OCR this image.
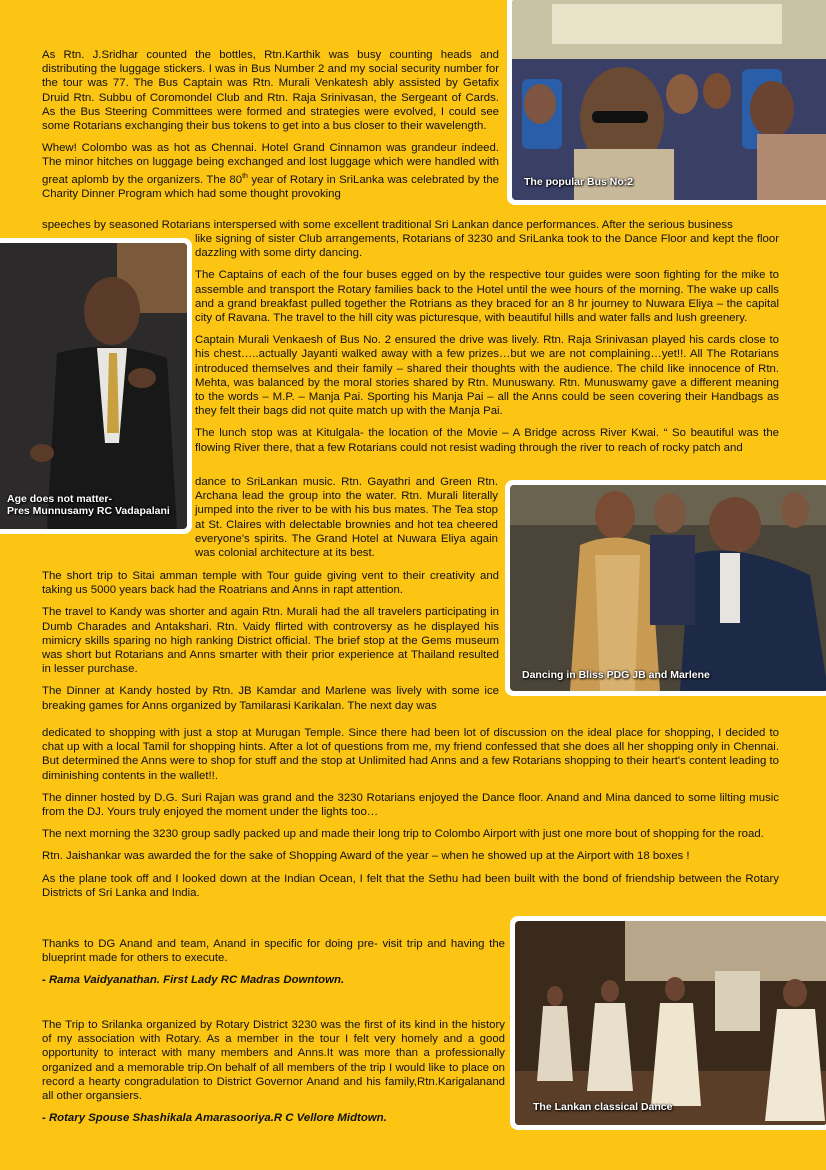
The popular Bus No:2
Age does not matter-
Pres Munnusamy RC Vadapalani
Dancing in Bliss PDG JB and Marlene
The Lankan classical Dance

As Rtn. J.Sridhar counted the bottles, Rtn.Karthik was busy counting heads and distributing the luggage stickers. I was in Bus Number 2 and my social security number for the tour was 77. The Bus Captain was Rtn. Murali Venkatesh ably assisted by Getafix Druid Rtn. Subbu of Coromondel Club and Rtn. Raja Srinivasan, the Sergeant of Cards. As the Bus Steering Committees were formed and strategies were evolved, I could see some Rotarians exchanging their bus tokens to get into a bus closer to their wavelength.

Whew! Colombo was as hot as Chennai. Hotel Grand Cinnamon was grandeur indeed. The minor hitches on luggage being exchanged and lost luggage which were handled with great aplomb by the organizers. The 80th year of Rotary in SriLanka was celebrated by the Charity Dinner Program which had some thought provoking

speeches by seasoned Rotarians interspersed with some excellent traditional Sri Lankan dance performances. After the serious business

like signing of sister Club arrangements, Rotarians of 3230 and SriLanka took to the Dance Floor and kept the floor dazzling with some dirty dancing.

The Captains of each of the four buses egged on by the respective tour guides were soon fighting for the mike to assemble and transport the Rotary families back to the Hotel until the wee hours of the morning. The wake up calls and a grand breakfast pulled together the Rotrians as they braced for an 8 hr journey to Nuwara Eliya – the capital city of Ravana. The travel to the hill city was picturesque, with beautiful hills and water falls and lush greenery.

Captain Murali Venkaesh of Bus No. 2 ensured the drive was lively. Rtn. Raja Srinivasan played his cards close to his chest…..actually Jayanti walked away with a few prizes…but we are not complaining…yet!!. All The Rotarians introduced themselves and their family – shared their thoughts with the audience. The child like innocence of Rtn. Mehta, was balanced by the moral stories shared by Rtn. Munuswany. Rtn. Munuswamy gave a different meaning to the words – M.P. – Manja Pai. Sporting his Manja Pai – all the Anns could be seen covering their Handbags as they felt their bags did not quite match up with the Manja Pai.

The lunch stop was at Kitulgala- the location of the Movie – A Bridge across River Kwai. “ So beautiful was the flowing River there, that a few Rotarians could not resist wading through the river to reach of rocky patch and

dance to SriLankan music. Rtn. Gayathri and Green Rtn. Archana lead the group into the water. Rtn. Murali literally jumped into the river to be with his bus mates. The Tea stop at St. Claires with delectable brownies and hot tea cheered everyone's spirits. The Grand Hotel at Nuwara Eliya again was colonial architecture at its best.

The short trip to Sitai amman temple with Tour guide giving vent to their creativity and taking us 5000 years back had the Roatrians and Anns in rapt attention.

The travel to Kandy was shorter and again Rtn. Murali had the all travelers participating in Dumb Charades and Antakshari. Rtn. Vaidy flirted with controversy as he displayed his mimicry skills sparing no high ranking District official. The brief stop at the Gems museum was short but Rotarians and Anns smarter with their prior experience at Thailand resulted in lesser purchase.

The Dinner at Kandy hosted by Rtn. JB Kamdar and Marlene was lively with some ice breaking games for Anns organized by Tamilarasi Karikalan. The next day was

dedicated to shopping with just a stop at Murugan Temple. Since there had been lot of discussion on the ideal place for shopping, I decided to chat up with a local Tamil for shopping hints. After a lot of questions from me, my friend confessed that she does all her shopping only in Chennai. But determined the Anns were to shop for stuff and the stop at Unlimited had Anns and a few Rotarians shopping to their heart's content leading to diminishing contents in the wallet!!.

The dinner hosted by D.G. Suri Rajan was grand and the 3230 Rotarians enjoyed the Dance floor. Anand and Mina danced to some lilting music from the DJ. Yours truly enjoyed the moment under the lights too…

The next morning the 3230 group sadly packed up and made their long trip to Colombo Airport with just one more bout of shopping for the road.

Rtn. Jaishankar was awarded the for the sake of Shopping Award of the year – when he showed up at the Airport with 18 boxes !

As the plane took off and I looked down at the Indian Ocean, I felt that the Sethu had been built with the bond of friendship between the Rotary Districts of Sri Lanka and India.

Thanks to DG Anand and team, Anand in specific for doing pre- visit trip and having the blueprint made for others to execute.

- Rama Vaidyanathan. First Lady RC Madras Downtown.

The Trip to Srilanka organized by Rotary District 3230 was the first of its kind in the history of my association with Rotary. As a member in the tour I felt very homely and a good opportunity to interact with many members and Anns.It was more than a professionally organized and a memorable trip.On behalf of all members of the trip I would like to place on record a hearty congradulation to District Governor Anand and his family,Rtn.Karigalanand all other organsiers.

- Rotary Spouse Shashikala Amarasooriya.R C Vellore Midtown.
